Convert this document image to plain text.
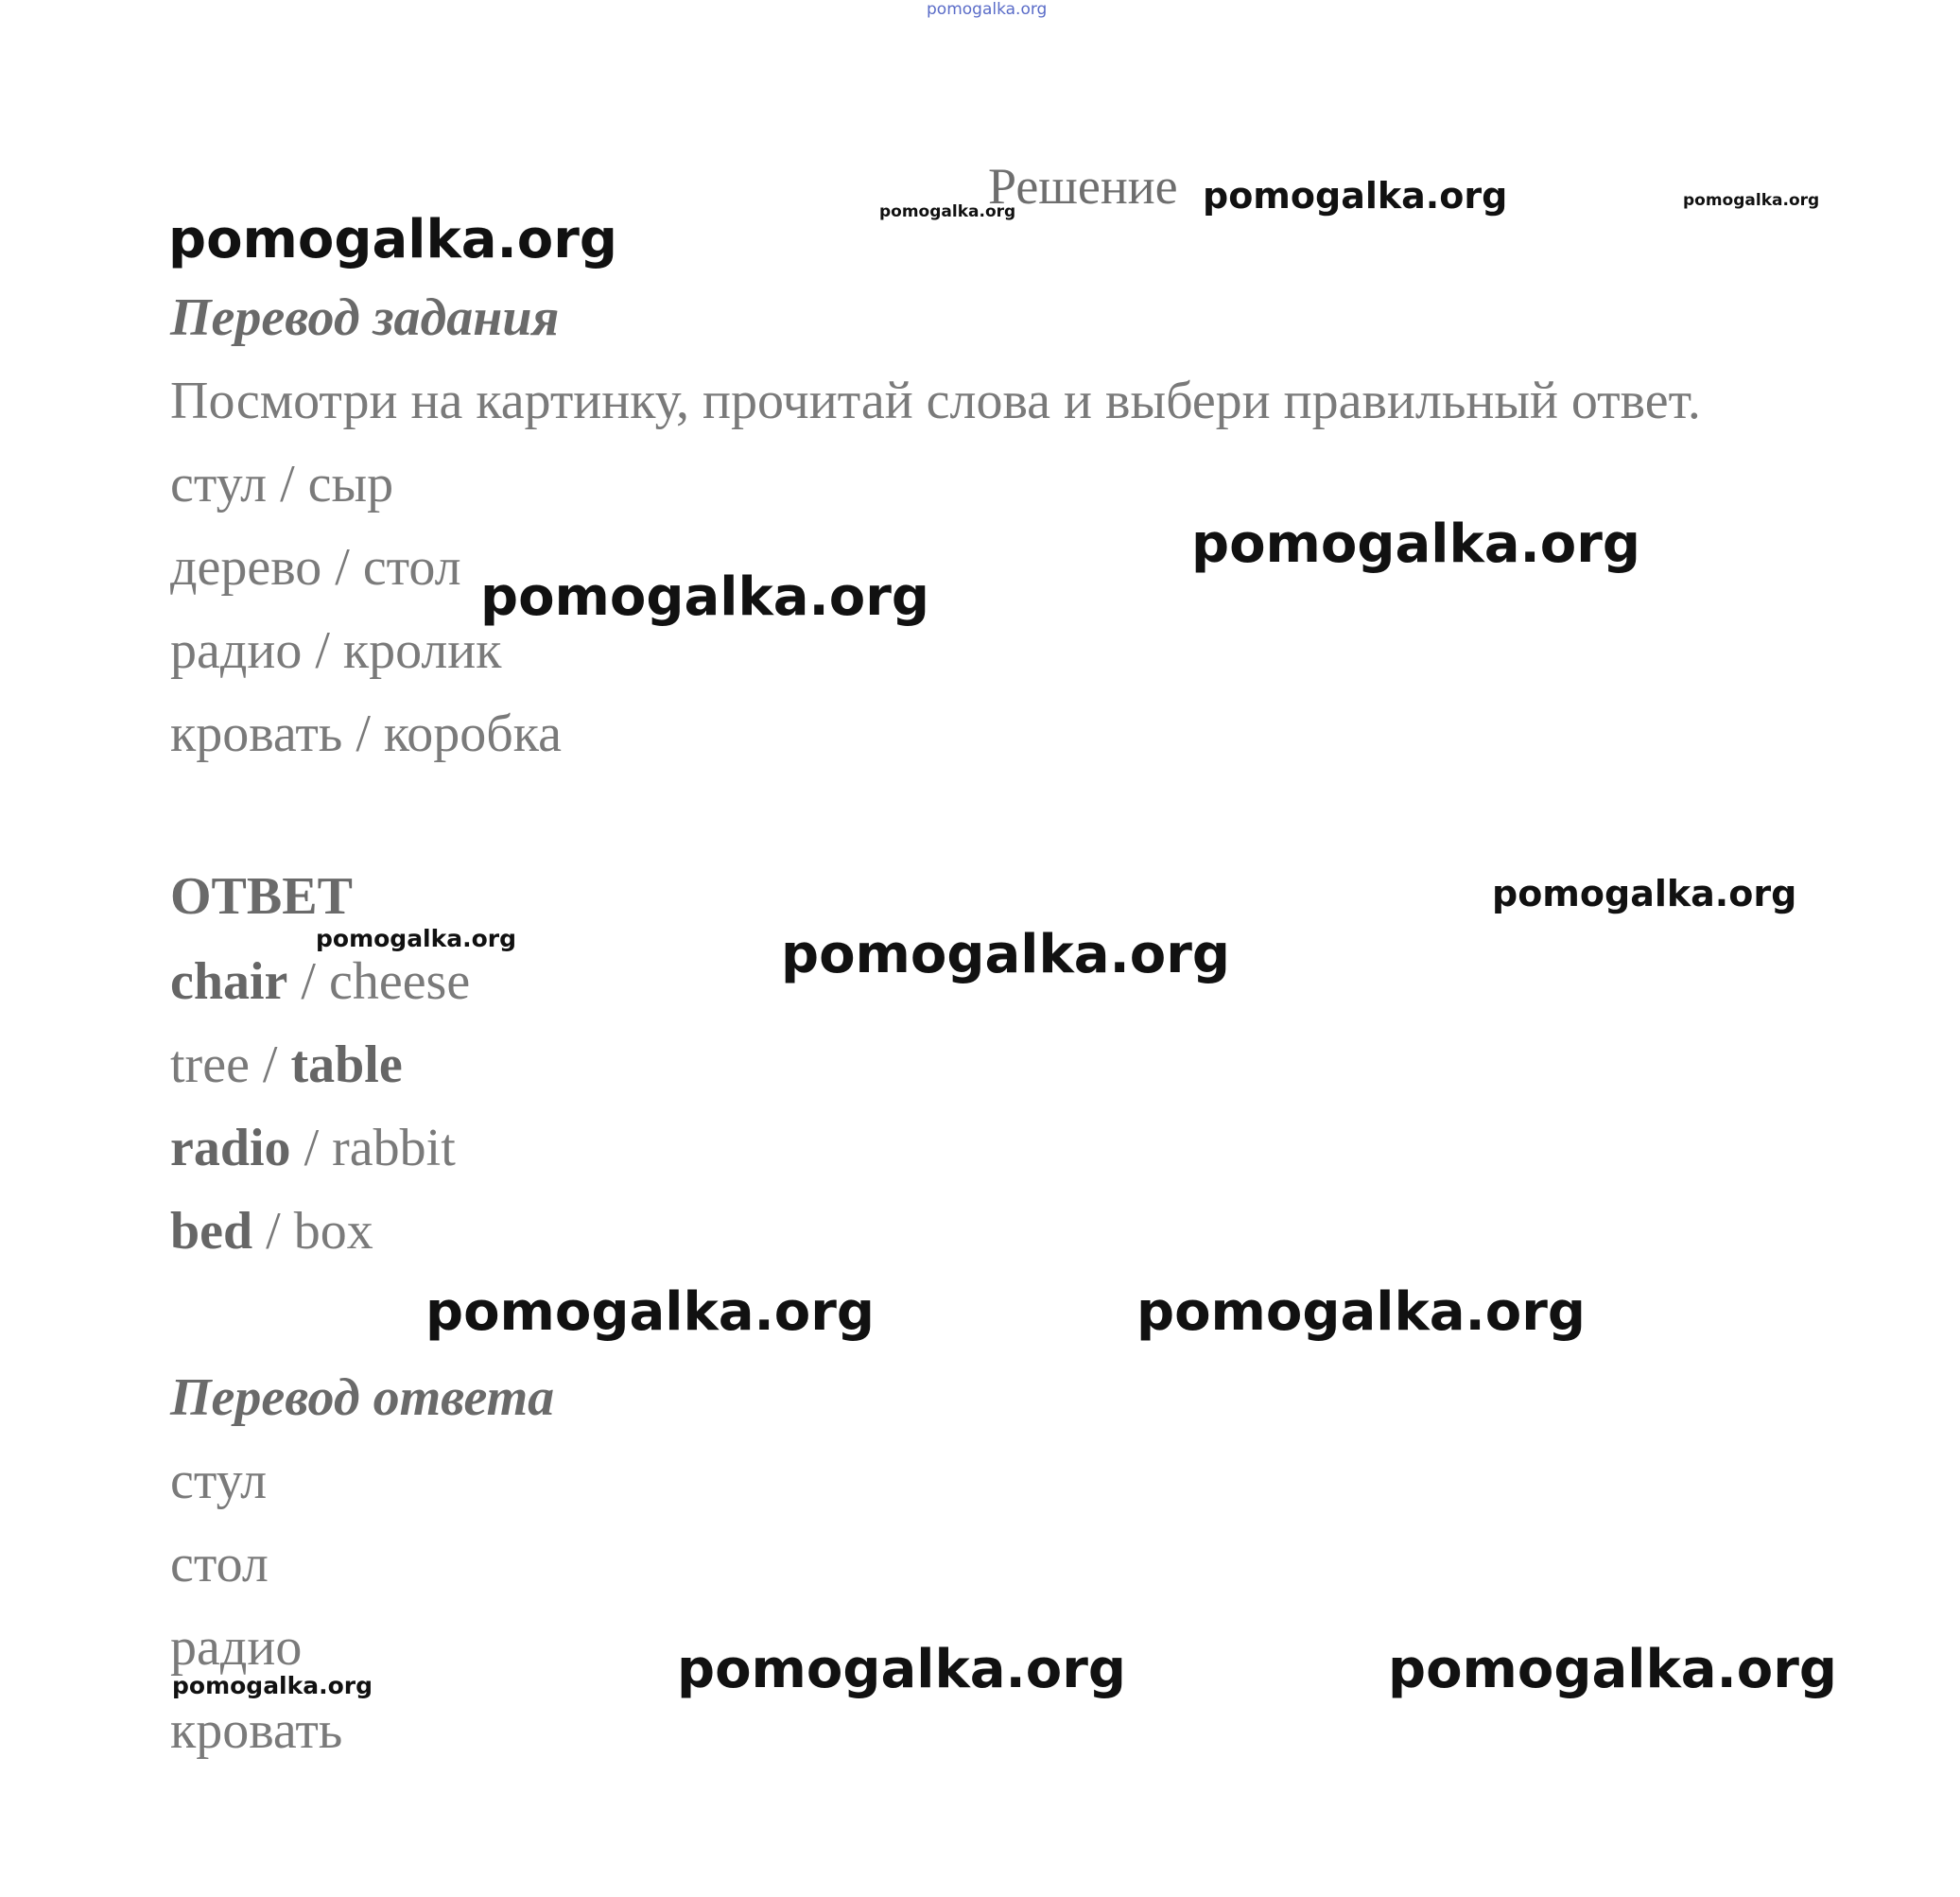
pomogalka.org
Решение
pomogalka.org	pomogalka.org	pomogalka.org
pomogalka.org
Перевод задания
Посмотри на картинку, прочитай слова и выбери правильный ответ.
стул / сыр
дерево / стол
радио / кролик
кровать / коробка
pomogalka.org
pomogalka.org
ОТВЕТ	pomogalka.org
pomogalka.org	pomogalka.org
chair / cheese
tree / table
radio / rabbit
bed / box
pomogalka.org	pomogalka.org
Перевод ответа
стул
стол
радио
кровать
pomogalka.org	pomogalka.org	pomogalka.org
